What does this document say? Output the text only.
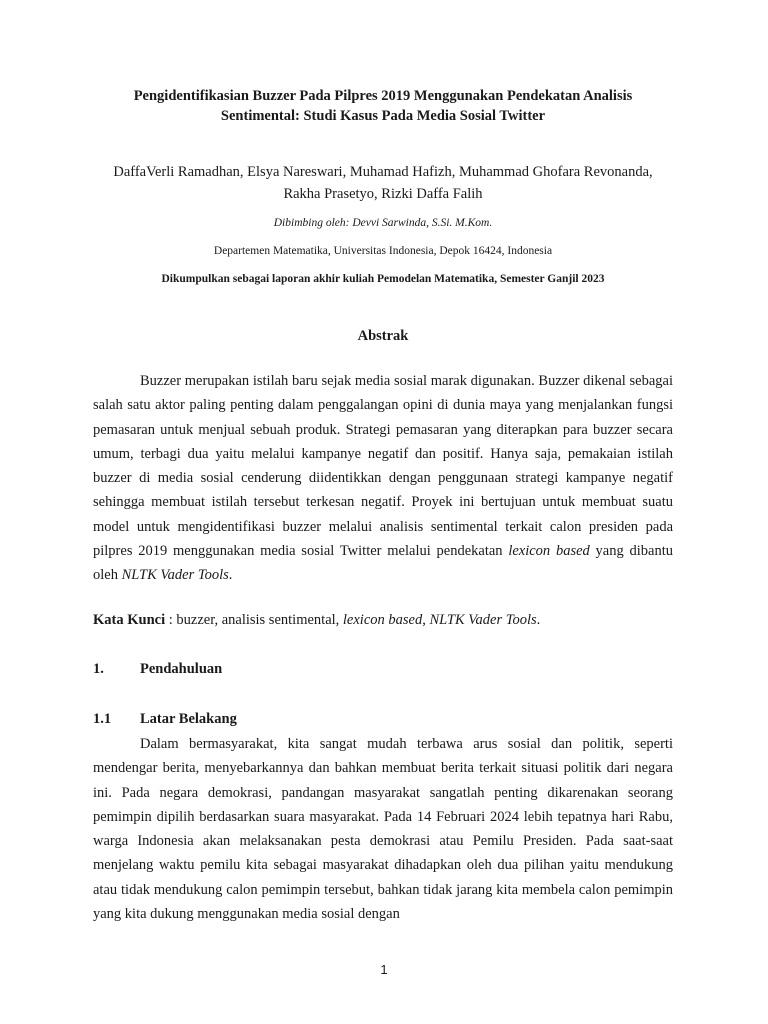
Pengidentifikasian Buzzer Pada Pilpres 2019 Menggunakan Pendekatan Analisis
Sentimental: Studi Kasus Pada Media Sosial Twitter
DaffaVerli Ramadhan, Elsya Nareswari, Muhamad Hafizh, Muhammad Ghofara Revonanda,
Rakha Prasetyo, Rizki Daffa Falih
Dibimbing oleh: Devvi Sarwinda, S.Si. M.Kom.
Departemen Matematika, Universitas Indonesia, Depok 16424, Indonesia
Dikumpulkan sebagai laporan akhir kuliah Pemodelan Matematika, Semester Ganjil 2023
Abstrak

Buzzer merupakan istilah baru sejak media sosial marak digunakan. Buzzer dikenal sebagai salah satu aktor paling penting dalam penggalangan opini di dunia maya yang menjalankan fungsi pemasaran untuk menjual sebuah produk. Strategi pemasaran yang diterapkan para buzzer secara umum, terbagi dua yaitu melalui kampanye negatif dan positif. Hanya saja, pemakaian istilah buzzer di media sosial cenderung diidentikkan dengan penggunaan strategi kampanye negatif sehingga membuat istilah tersebut terkesan negatif. Proyek ini bertujuan untuk membuat suatu model untuk mengidentifikasi buzzer melalui analisis sentimental terkait calon presiden pada pilpres 2019 menggunakan media sosial Twitter melalui pendekatan lexicon based yang dibantu oleh NLTK Vader Tools.

Kata Kunci : buzzer, analisis sentimental, lexicon based, NLTK Vader Tools.
1. Pendahuluan
1.1 Latar Belakang

Dalam bermasyarakat, kita sangat mudah terbawa arus sosial dan politik, seperti mendengar berita, menyebarkannya dan bahkan membuat berita terkait situasi politik dari negara ini. Pada negara demokrasi, pandangan masyarakat sangatlah penting dikarenakan seorang pemimpin dipilih berdasarkan suara masyarakat. Pada 14 Februari 2024 lebih tepatnya hari Rabu, warga Indonesia akan melaksanakan pesta demokrasi atau Pemilu Presiden. Pada saat-saat menjelang waktu pemilu kita sebagai masyarakat dihadapkan oleh dua pilihan yaitu mendukung atau tidak mendukung calon pemimpin tersebut, bahkan tidak jarang kita membela calon pemimpin yang kita dukung menggunakan media sosial dengan

1
